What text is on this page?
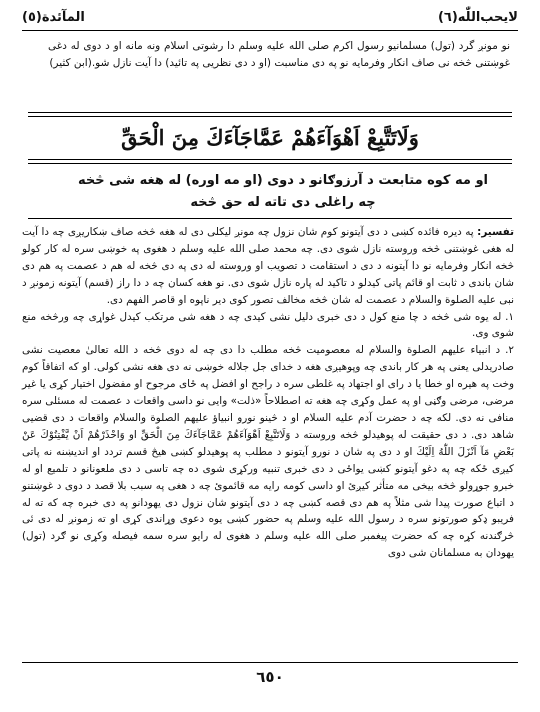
لایحب‌اللّٰه(٦)
المآئدة(٥)
نو مونږ گرد (تول) مسلمانیو رسول اکرم صلی الله علیه وسلم دا رشوتی اسلام ونه مانه او د دوی له دغی غوښتنی څخه نی صاف انکار وفرمایه نو په دی مناسبت (او د دی نظریی په تائید) دا آیت نازل شو.(ابن کثیر)
وَلَاتَتَّبِعْ اَهْوَآءَهُمْ عَمَّاجَآءَكَ مِنَ الْحَقِّ
او مه کوه متابعت د آرزوګانو د دوی (او مه اوره) له هغه شی څخه چه راغلی دی تاته له حق څخه

تفسیر: په دیره فائده کښی د دی آیتونو کوم شان نزول چه مونږ لیکلی دی له هغه څخه صاف ښکاریږی چه دا آیت له هغی غوښتنی څخه وروسته نازل شوی دی. چه محمد صلی الله علیه وسلم د هغوی په خوښی سره له کار کولو څخه انکار وفرمایه نو دا آیتونه د دی د استقامت د تصویب او وروسته له دی په دی څخه له هم د عصمت په هم دی شان باندی د ثابت او قائم پاتی کیدلو د تاکید له پاره نازل شوی دی. نو هغه کسان چه د دا راز (قسم) آیتونه زمونږ د نبی علیه الصلوة والسلام د عصمت له شان څخه مخالف تصور کوی دیر ناپوه او قاصر الفهم دی.

۱. له یوه شی څخه د چا منع کول د دی خبری دلیل نشی کیدی چه د هغه شی مرتکب کیدل غواړی چه ورڅخه منع شوی وی.

۲. د انبیاء علیهم الصلوة والسلام له معصومیت څخه مطلب دا دی چه له دوی څخه د الله تعالیٰ معصیت نشی صادریدلی یعنی په هر کار باندی چه وپوهیږی هغه د خدای جل جلاله خوښی نه دی هغه نشی کولی. او که اتفاقاً کوم وخت په هیره او خطا یا د رای او اجتهاد په غلطی سره د راجح او افضل په ځای مرجوح او مفضول اختیار کړی یا غیر مرضی، مرضی وګڼی او په عمل وکړی چه هغه ته اصطلاحاً «ذلت» وایی نو داسی واقعات د عصمت له مسئلی سره منافی نه دی. لکه چه د حضرت آدم علیه السلام او د څینو نورو انبیاؤ علیهم الصلوة والسلام واقعات د دی قضیی شاهد دی. د دی حقیقت له پوهیدلو څخه وروسته د وَلَاتَتَّبِعْ اَهْوَآءَهُمْ عَمَّاجَآءَكَ مِنَ الْحَقِّ او وَاحْذَرْهُمْ اَنْ يَّفْتِنُوْكَ عَنْ بَعْضِ مَآ اَنْزَلَ اللّٰهُ اِلَيْكَ او د دی په شان د نورو آیتونو د مطلب په پوهیدلو کښی هیڅ قسم تردد او اندیښنه نه پاتی کیږی ځکه چه په دغو آیتونو کښی یواځی د دی خبری تنبیه ورکړی شوی ده چه تاسی د دی ملعونانو د تلمیع او له خبرو جوړولو څخه بیخی مه متأثر کیږئ او داسی کومه رایه مه قائموئ چه د هغی په سبب بلا قصد د دوی د غوښتنو د اتباع صورت پیدا شی مثلاً په هم دی قصه کښی چه د دی آیتونو شان نزول دی یهودانو په دی خبره چه که ته له فریبو ډکو صورتونو سره د رسول الله علیه وسلم په حضور کښی یوه دعوی وړاندی کړی او ته زمونږ له دی ئی څرګندنه کړه چه که حضرت پیغمبر صلی الله علیه وسلم د هغوی له رایو سره سمه فیصله وکړی نو ګرد (تول) یهودان به مسلمانان شی دوی

٦٥٠
